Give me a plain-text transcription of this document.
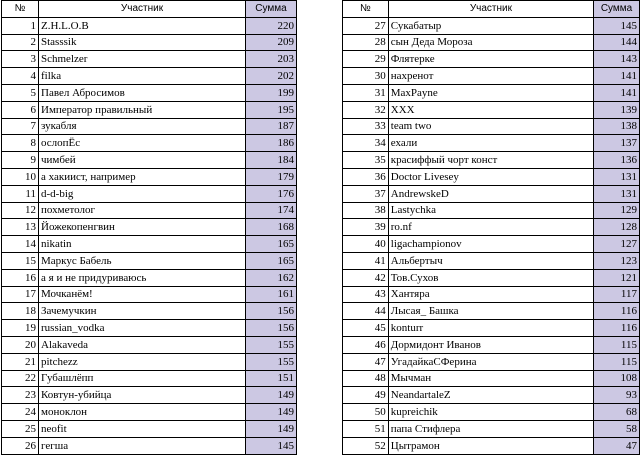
№	Участник	Сумма
1	Z.H.L.O.B	220
2	Stasssik	209
3	Schmelzer	203
4	filka	202
5	Павел Абросимов	199
6	Император правильный	195
7	зукабля	187
8	ослопЁс	186
9	чимбей	184
10	а хакиист, например	179
11	d-d-big	176
12	похметолог	174
13	Йожекопенгвин	168
14	nikatin	165
15	Маркус Бабель	165
16	а я и не придуриваюсь	162
17	Мочканём!	161
18	Зачемучкин	156
19	russian_vodka	156
20	Alakaveda	155
21	pitchezz	155
22	Губашлёпп	151
23	Ковтун-убийца	149
24	моноклон	149
25	neofit	149
26	гегша	145
№	Участник	Сумма
27	Сукабатыр	145
28	сын Деда Мороза	144
29	Флятерке	143
30	нахренот	141
31	MaxPayne	141
32	XXX	139
33	team two	138
34	ехали	137
35	красиффый чорт конст	136
36	Doctor Livesey	131
37	AndrewskeD	131
38	Lastychka	129
39	ro.nf	128
40	ligachampionov	127
41	Альбертыч	123
42	Тов.Сухов	121
43	Хантяра	117
44	Лысая_ Башка	116
45	konturr	116
46	Дормидонт Иванов	115
47	УгадайкаСФерина	115
48	Мычман	108
49	NeandartaleZ	93
50	kupreichik	68
51	папа Стифлера	58
52	Цытрамон	47
